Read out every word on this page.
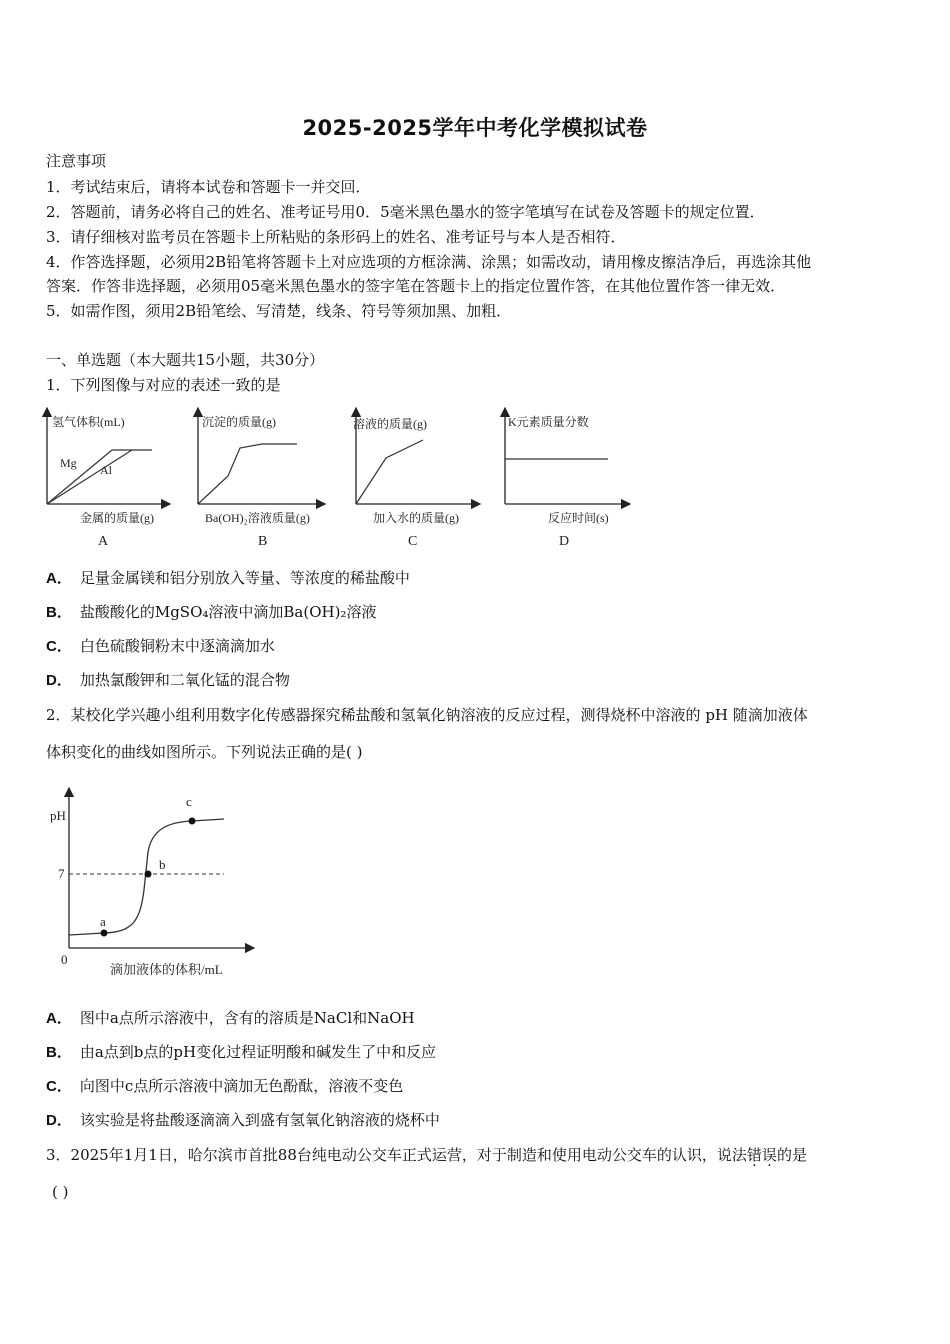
2025-2025学年中考化学模拟试卷
注意事项
1．考试结束后，请将本试卷和答题卡一并交回．
2．答题前，请务必将自己的姓名、准考证号用0．5毫米黑色墨水的签字笔填写在试卷及答题卡的规定位置．
3．请仔细核对监考员在答题卡上所粘贴的条形码上的姓名、准考证号与本人是否相符．
4．作答选择题，必须用2B铅笔将答题卡上对应选项的方框涂满、涂黑；如需改动，请用橡皮擦洁净后，再选涂其他
答案．作答非选择题，必须用05毫米黑色墨水的签字笔在答题卡上的指定位置作答，在其他位置作答一律无效．
5．如需作图，须用2B铅笔绘、写清楚，线条、符号等须加黑、加粗．
一、单选题（本大题共15小题，共30分）
1．下列图像与对应的表述一致的是
氢气体积(mL)
Mg Al
金属的质量(g)
A
沉淀的质量(g)
Ba(OH)₂溶液质量(g)
B
溶液的质量(g)
加入水的质量(g)
C
K元素质量分数
反应时间(s)
D
A． 足量金属镁和铝分别放入等量、等浓度的稀盐酸中
B． 盐酸酸化的MgSO₄溶液中滴加Ba(OH)₂溶液
C． 白色硫酸铜粉末中逐滴滴加水
D． 加热氯酸钾和二氧化锰的混合物
2．某校化学兴趣小组利用数字化传感器探究稀盐酸和氢氧化钠溶液的反应过程，测得烧杯中溶液的 pH 随滴加液体
体积变化的曲线如图所示。下列说法正确的是( )
pH
7
0
a
b
c
滴加液体的体积/mL
A． 图中a点所示溶液中，含有的溶质是NaCl和NaOH
B． 由a点到b点的pH变化过程证明酸和碱发生了中和反应
C． 向图中c点所示溶液中滴加无色酚酞，溶液不变色
D． 该实验是将盐酸逐滴滴入到盛有氢氧化钠溶液的烧杯中
3．2025年1月1日，哈尔滨市首批88台纯电动公交车正式运营，对于制造和使用电动公交车的认识，说法错误的是
( )
